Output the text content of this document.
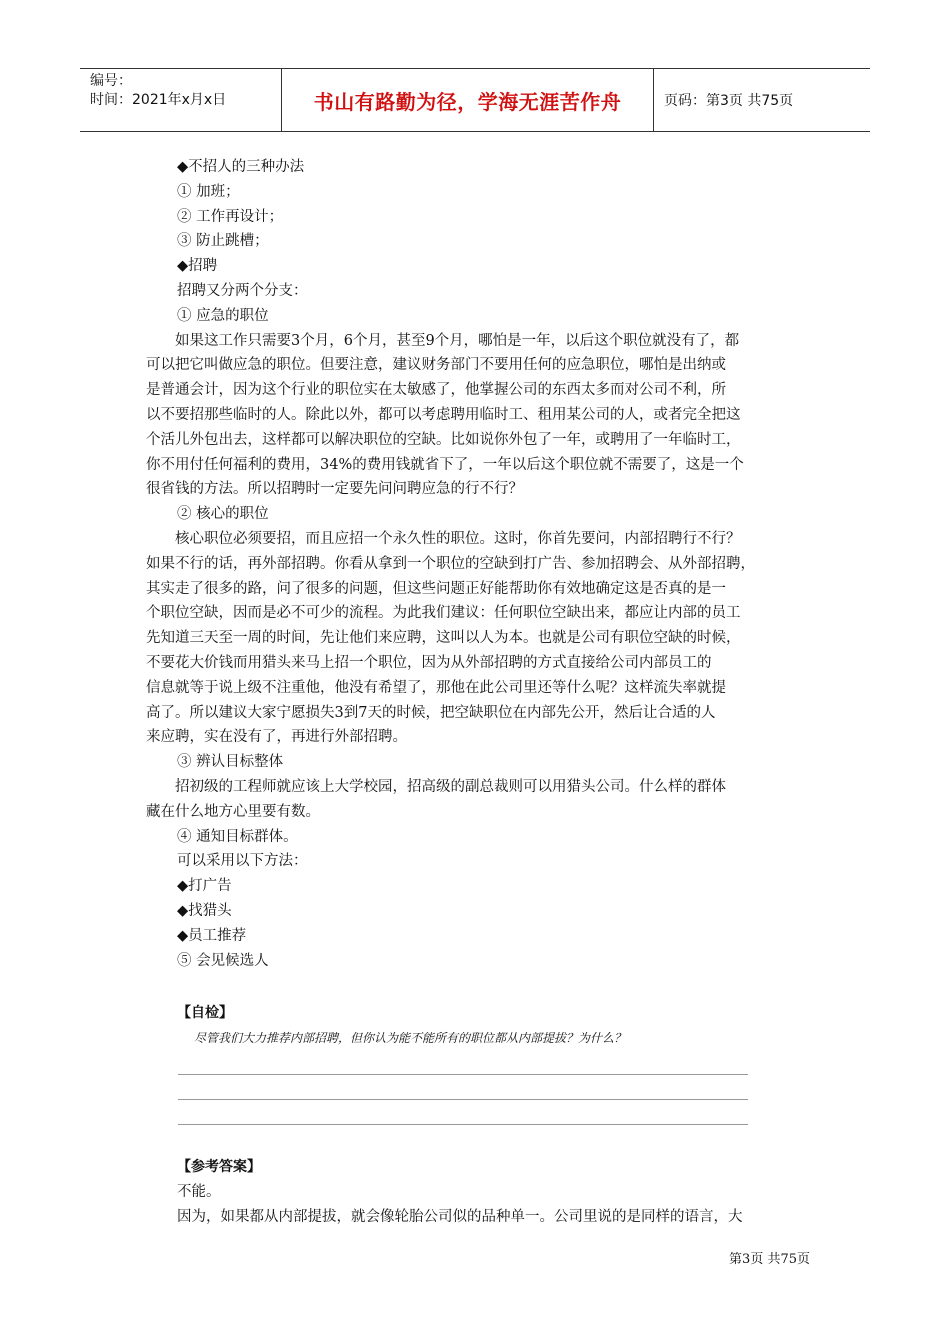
编号：
时间：2021年x月x日	书山有路勤为径，学海无涯苦作舟	页码：第3页 共75页
◆不招人的三种办法
① 加班；
② 工作再设计；
③ 防止跳槽；
◆招聘
招聘又分两个分支：
① 应急的职位
　　如果这工作只需要3个月，6个月，甚至9个月，哪怕是一年，以后这个职位就没有了，都
可以把它叫做应急的职位。但要注意，建议财务部门不要用任何的应急职位，哪怕是出纳或
是普通会计，因为这个行业的职位实在太敏感了，他掌握公司的东西太多而对公司不利，所
以不要招那些临时的人。除此以外，都可以考虑聘用临时工、租用某公司的人，或者完全把这
个活儿外包出去，这样都可以解决职位的空缺。比如说你外包了一年，或聘用了一年临时工，
你不用付任何福利的费用，34%的费用钱就省下了，一年以后这个职位就不需要了，这是一个
很省钱的方法。所以招聘时一定要先问问聘应急的行不行？
② 核心的职位
　　核心职位必须要招，而且应招一个永久性的职位。这时，你首先要问，内部招聘行不行？
如果不行的话，再外部招聘。你看从拿到一个职位的空缺到打广告、参加招聘会、从外部招聘，
其实走了很多的路，问了很多的问题，但这些问题正好能帮助你有效地确定这是否真的是一
个职位空缺，因而是必不可少的流程。为此我们建议：任何职位空缺出来，都应让内部的员工
先知道三天至一周的时间，先让他们来应聘，这叫以人为本。也就是公司有职位空缺的时候，
不要花大价钱而用猎头来马上招一个职位，因为从外部招聘的方式直接给公司内部员工的
信息就等于说上级不注重他，他没有希望了，那他在此公司里还等什么呢？这样流失率就提
高了。所以建议大家宁愿损失3到7天的时候，把空缺职位在内部先公开，然后让合适的人
来应聘，实在没有了，再进行外部招聘。
③ 辨认目标整体
　　招初级的工程师就应该上大学校园，招高级的副总裁则可以用猎头公司。什么样的群体
藏在什么地方心里要有数。
④ 通知目标群体。
可以采用以下方法：
◆打广告
◆找猎头
◆员工推荐
⑤ 会见候选人
【自检】
尽管我们大力推荐内部招聘，但你认为能不能所有的职位都从内部提拔？为什么？
【参考答案】
不能。
因为，如果都从内部提拔，就会像轮胎公司似的品种单一。公司里说的是同样的语言，大
第3页 共75页
